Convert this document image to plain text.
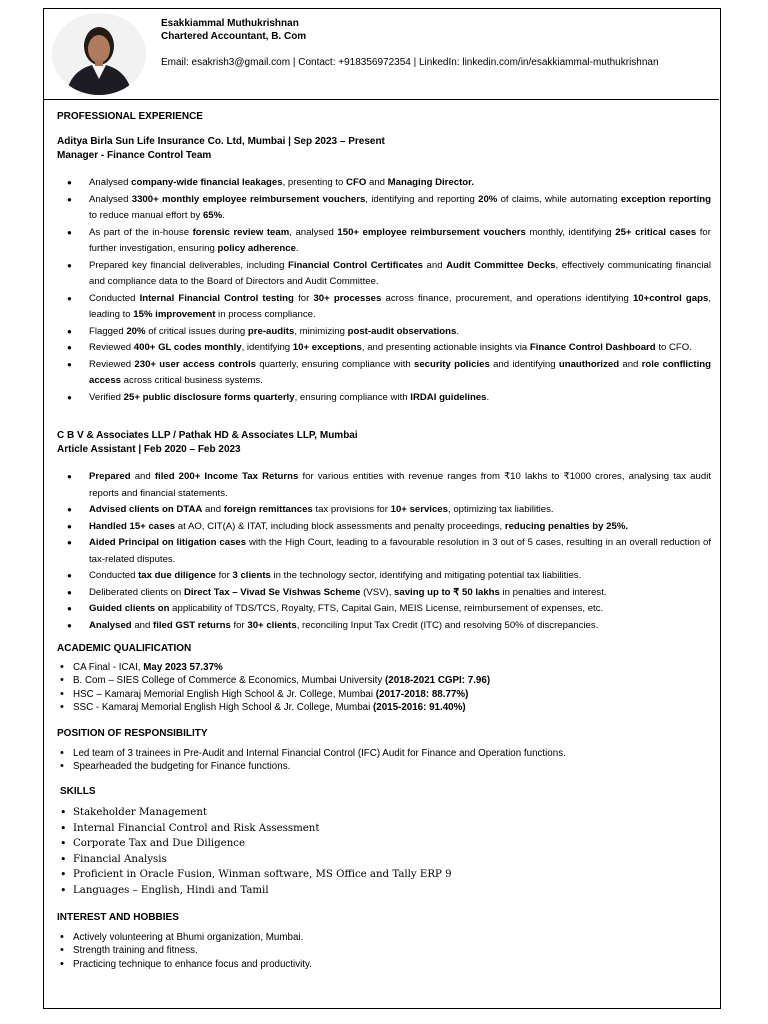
Esakkiammal Muthukrishnan
Chartered Accountant, B. Com
Email: esakrish3@gmail.com | Contact: +918356972354 | LinkedIn: linkedin.com/in/esakkiammal-muthukrishnan
PROFESSIONAL EXPERIENCE
Aditya Birla Sun Life Insurance Co. Ltd, Mumbai | Sep 2023 – Present
Manager - Finance Control Team
● Analysed company-wide financial leakages, presenting to CFO and Managing Director.
● Analysed 3300+ monthly employee reimbursement vouchers, identifying and reporting 20% of claims, while automating exception reporting to reduce manual effort by 65%.
● As part of the in-house forensic review team, analysed 150+ employee reimbursement vouchers monthly, identifying 25+ critical cases for further investigation, ensuring policy adherence.
● Prepared key financial deliverables, including Financial Control Certificates and Audit Committee Decks, effectively communicating financial and compliance data to the Board of Directors and Audit Committee.
● Conducted Internal Financial Control testing for 30+ processes across finance, procurement, and operations identifying 10+control gaps, leading to 15% improvement in process compliance.
● Flagged 20% of critical issues during pre-audits, minimizing post-audit observations.
● Reviewed 400+ GL codes monthly, identifying 10+ exceptions, and presenting actionable insights via Finance Control Dashboard to CFO.
● Reviewed 230+ user access controls quarterly, ensuring compliance with security policies and identifying unauthorized and role conflicting access across critical business systems.
● Verified 25+ public disclosure forms quarterly, ensuring compliance with IRDAI guidelines.
C B V & Associates LLP / Pathak HD & Associates LLP, Mumbai
Article Assistant | Feb 2020 – Feb 2023
● Prepared and filed 200+ Income Tax Returns for various entities with revenue ranges from ₹10 lakhs to ₹1000 crores, analysing tax audit reports and financial statements.
● Advised clients on DTAA and foreign remittances tax provisions for 10+ services, optimizing tax liabilities.
● Handled 15+ cases at AO, CIT(A) & ITAT, including block assessments and penalty proceedings, reducing penalties by 25%.
● Aided Principal on litigation cases with the High Court, leading to a favourable resolution in 3 out of 5 cases, resulting in an overall reduction of tax-related disputes.
● Conducted tax due diligence for 3 clients in the technology sector, identifying and mitigating potential tax liabilities.
● Deliberated clients on Direct Tax – Vivad Se Vishwas Scheme (VSV), saving up to ₹ 50 lakhs in penalties and interest.
● Guided clients on applicability of TDS/TCS, Royalty, FTS, Capital Gain, MEIS License, reimbursement of expenses, etc.
● Analysed and filed GST returns for 30+ clients, reconciling Input Tax Credit (ITC) and resolving 50% of discrepancies.
ACADEMIC QUALIFICATION
• CA Final - ICAI, May 2023 57.37%
• B. Com – SIES College of Commerce & Economics, Mumbai University (2018-2021 CGPI: 7.96)
• HSC – Kamaraj Memorial English High School & Jr. College, Mumbai (2017-2018: 88.77%)
• SSC - Kamaraj Memorial English High School & Jr. College, Mumbai (2015-2016: 91.40%)
POSITION OF RESPONSIBILITY
• Led team of 3 trainees in Pre-Audit and Internal Financial Control (IFC) Audit for Finance and Operation functions.
• Spearheaded the budgeting for Finance functions.
SKILLS
• Stakeholder Management
• Internal Financial Control and Risk Assessment
• Corporate Tax and Due Diligence
• Financial Analysis
• Proficient in Oracle Fusion, Winman software, MS Office and Tally ERP 9
• Languages – English, Hindi and Tamil
INTEREST AND HOBBIES
• Actively volunteering at Bhumi organization, Mumbai.
• Strength training and fitness.
• Practicing technique to enhance focus and productivity.
